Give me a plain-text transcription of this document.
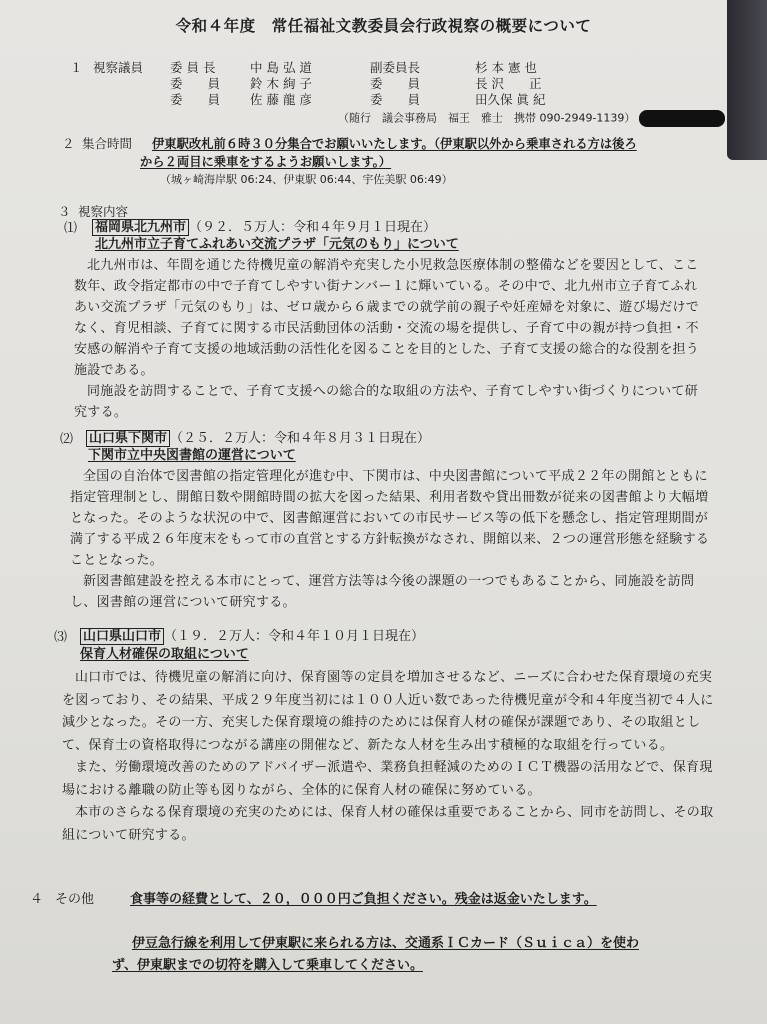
令和４年度　常任福祉文教委員会行政視察の概要について
１ 視察議員 委 員 長	中 島 弘 道	副委員長	杉 本 憲 也
委　　員 鈴 木 絢 子	委　　員	長 沢　　正
委　　員 佐 藤 龍 彦	委　　員	田久保 眞 紀
（随行　議会事務局　福王　雅士　携帯 090-2949-1139）
２ 集合時間 伊東駅改札前６時３０分集合でお願いいたします。（伊東駅以外から乗車される方は後ろ
から２両目に乗車をするようお願いします。）
（城ヶ崎海岸駅 06:24、伊東駅 06:44、宇佐美駅 06:49）
３ 視察内容
⑴ 福岡県北九州市 （９２．５万人：令和４年９月１日現在）
北九州市立子育てふれあい交流プラザ「元気のもり」について

北九州市は、年間を通じた待機児童の解消や充実した小児救急医療体制の整備などを要因として、ここ数年、政令指定都市の中で子育てしやすい街ナンバー１に輝いている。その中で、北九州市立子育てふれあい交流プラザ「元気のもり」は、ゼロ歳から６歳までの就学前の親子や妊産婦を対象に、遊び場だけでなく、育児相談、子育てに関する市民活動団体の活動・交流の場を提供し、子育て中の親が持つ負担・不安感の解消や子育て支援の地域活動の活性化を図ることを目的とした、子育て支援の総合的な役割を担う施設である。

同施設を訪問することで、子育て支援への総合的な取組の方法や、子育てしやすい街づくりについて研究する。

⑵ 山口県下関市 （２５．２万人：令和４年８月３１日現在）
下関市立中央図書館の運営について

全国の自治体で図書館の指定管理化が進む中、下関市は、中央図書館について平成２２年の開館とともに指定管理制とし、開館日数や開館時間の拡大を図った結果、利用者数や貸出冊数が従来の図書館より大幅増となった。そのような状況の中で、図書館運営においての市民サービス等の低下を懸念し、指定管理期間が満了する平成２６年度末をもって市の直営とする方針転換がなされ、開館以来、２つの運営形態を経験することとなった。

新図書館建設を控える本市にとって、運営方法等は今後の課題の一つでもあることから、同施設を訪問し、図書館の運営について研究する。

⑶ 山口県山口市 （１９．２万人：令和４年１０月１日現在）
保育人材確保の取組について

山口市では、待機児童の解消に向け、保育園等の定員を増加させるなど、ニーズに合わせた保育環境の充実を図っており、その結果、平成２９年度当初には１００人近い数であった待機児童が令和４年度当初で４人に減少となった。その一方、充実した保育環境の維持のためには保育人材の確保が課題であり、その取組として、保育士の資格取得につながる講座の開催など、新たな人材を生み出す積極的な取組を行っている。

また、労働環境改善のためのアドバイザー派遣や、業務負担軽減のためのＩＣＴ機器の活用などで、保育現場における離職の防止等も図りながら、全体的に保育人材の確保に努めている。

本市のさらなる保育環境の充実のためには、保育人材の確保は重要であることから、同市を訪問し、その取組について研究する。

４ その他	食事等の経費として、２０，０００円ご負担ください。残金は返金いたします。
伊豆急行線を利用して伊東駅に来られる方は、交通系ＩＣカード（Ｓｕｉｃａ）を使わ
ず、伊東駅までの切符を購入して乗車してください。
